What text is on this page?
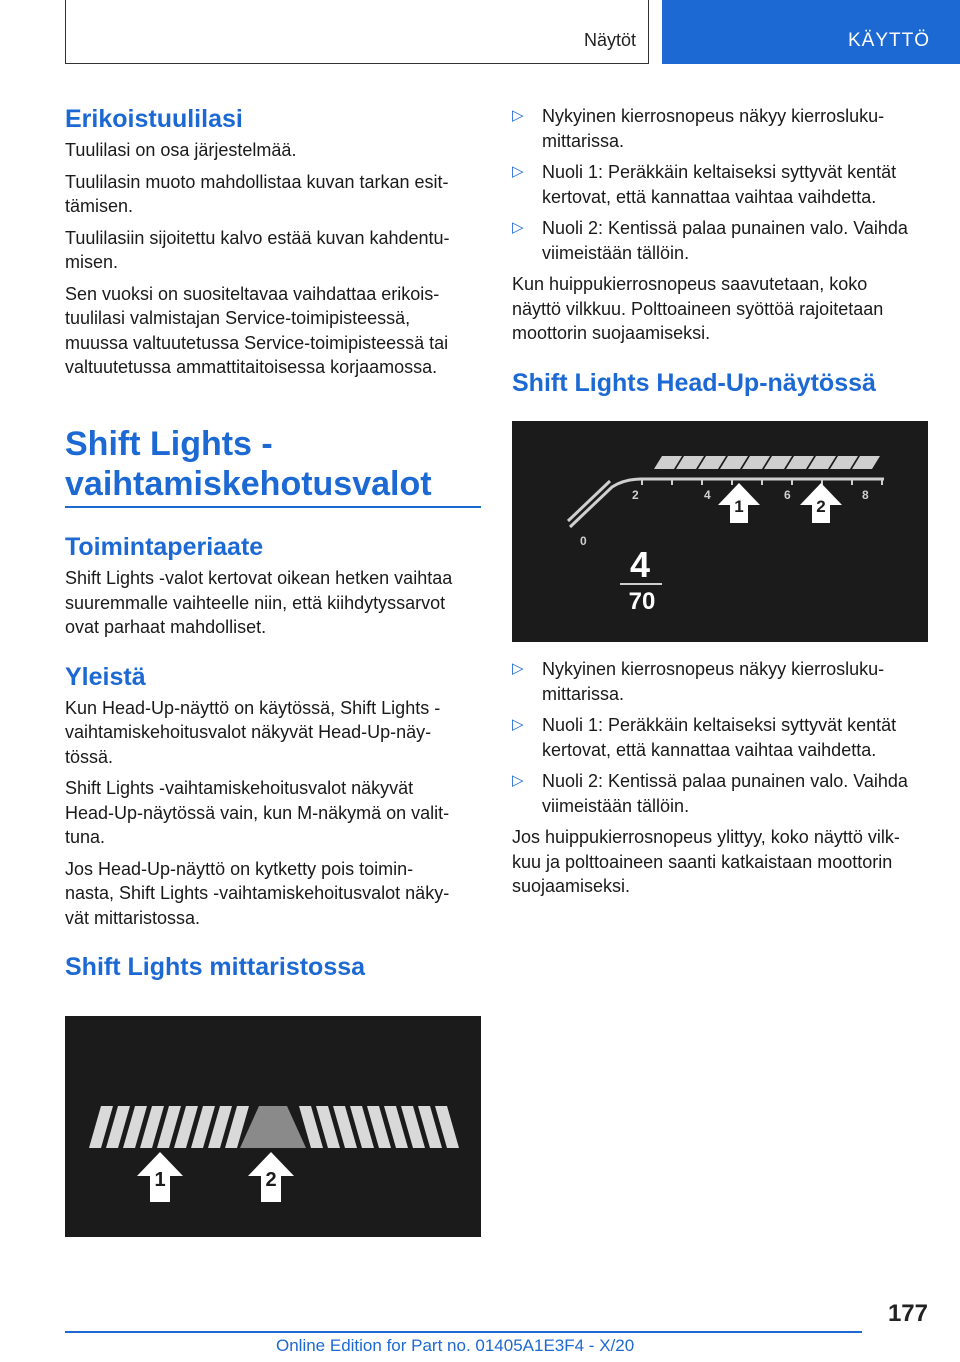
Näytöt	KÄYTTÖ
Erikoistuulilasi

Tuulilasi on osa järjestelmää.

Tuulilasin muoto mahdollistaa kuvan tarkan esit‐
tämisen.

Tuulilasiin sijoitettu kalvo estää kuvan kahdentu‐
misen.

Sen vuoksi on suositeltavaa vaihdattaa erikois‐
tuulilasi valmistajan Service-toimipisteessä,
muussa valtuutetussa Service-toimipisteessä tai
valtuutetussa ammattitaitoisessa korjaamossa.

Shift Lights -
vaihtamiskehotusvalot
Toimintaperiaate

Shift Lights -valot kertovat oikean hetken vaihtaa
suuremmalle vaihteelle niin, että kiihdytyssarvot
ovat parhaat mahdolliset.

Yleistä

Kun Head-Up-näyttö on käytössä, Shift Lights -
vaihtamiskehoitusvalot näkyvät Head-Up-näy‐
tössä.

Shift Lights -vaihtamiskehoitusvalot näkyvät
Head-Up-näytössä vain, kun M-näkymä on valit‐
tuna.

Jos Head-Up-näyttö on kytketty pois toimin‐
nasta, Shift Lights -vaihtamiskehoitusvalot näky‐
vät mittaristossa.

Shift Lights mittaristossa
1	2

▷ Nykyinen kierrosnopeus näkyy kierrosluku‐
mittarissa.

▷ Nuoli 1: Peräkkäin keltaiseksi syttyvät kentät
kertovat, että kannattaa vaihtaa vaihdetta.

▷ Nuoli 2: Kentissä palaa punainen valo. Vaihda
viimeistään tällöin.

Kun huippukierrosnopeus saavutetaan, koko
näyttö vilkkuu. Polttoaineen syöttöä rajoitetaan
moottorin suojaamiseksi.

Shift Lights Head-Up-näytössä
0
2	4	6	8
1	2
4
70

▷ Nykyinen kierrosnopeus näkyy kierrosluku‐
mittarissa.

▷ Nuoli 1: Peräkkäin keltaiseksi syttyvät kentät
kertovat, että kannattaa vaihtaa vaihdetta.

▷ Nuoli 2: Kentissä palaa punainen valo. Vaihda
viimeistään tällöin.

Jos huippukierrosnopeus ylittyy, koko näyttö vilk‐
kuu ja polttoaineen saanti katkaistaan moottorin
suojaamiseksi.

177
Online Edition for Part no. 01405A1E3F4 - X/20
